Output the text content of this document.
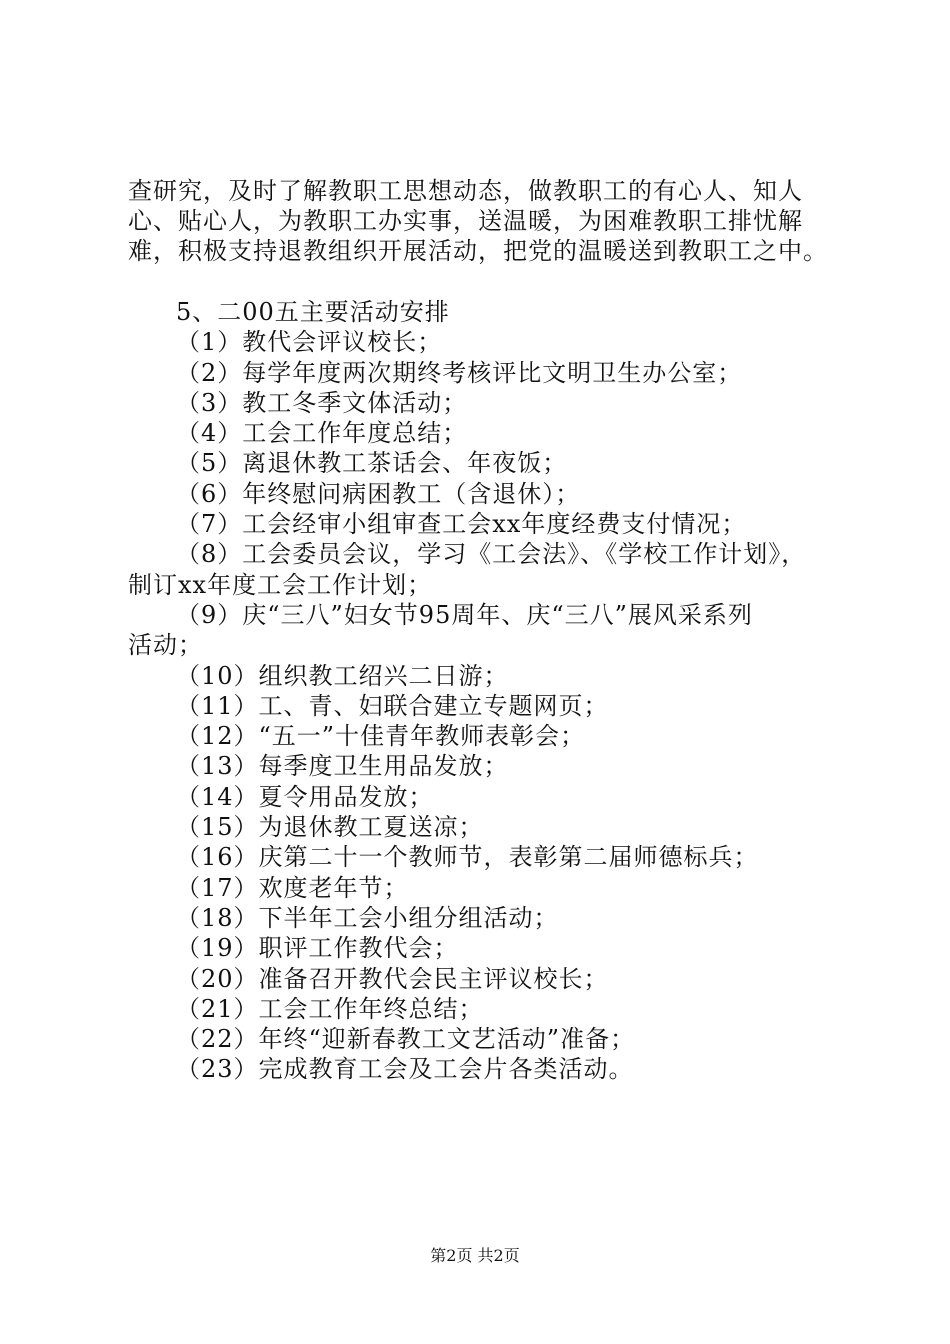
查研究，及时了解教职工思想动态，做教职工的有心人、知人
心、贴心人，为教职工办实事，送温暖，为困难教职工排忧解
难，积极支持退教组织开展活动，把党的温暖送到教职工之中。
5、二00五主要活动安排
（1）教代会评议校长；
（2）每学年度两次期终考核评比文明卫生办公室；
（3）教工冬季文体活动；
（4）工会工作年度总结；
（5）离退休教工茶话会、年夜饭；
（6）年终慰问病困教工（含退休）；
（7）工会经审小组审查工会xx年度经费支付情况；
（8）工会委员会议，学习《工会法》、《学校工作计划》，
制订xx年度工会工作计划；
（9）庆“三八”妇女节95周年、庆“三八”展风采系列
活动；
（10）组织教工绍兴二日游；
（11）工、青、妇联合建立专题网页；
（12）“五一”十佳青年教师表彰会；
（13）每季度卫生用品发放；
（14）夏令用品发放；
（15）为退休教工夏送凉；
（16）庆第二十一个教师节，表彰第二届师德标兵；
（17）欢度老年节；
（18）下半年工会小组分组活动；
（19）职评工作教代会；
（20）准备召开教代会民主评议校长；
（21）工会工作年终总结；
（22）年终“迎新春教工文艺活动”准备；
（23）完成教育工会及工会片各类活动。
第2页 共2页
